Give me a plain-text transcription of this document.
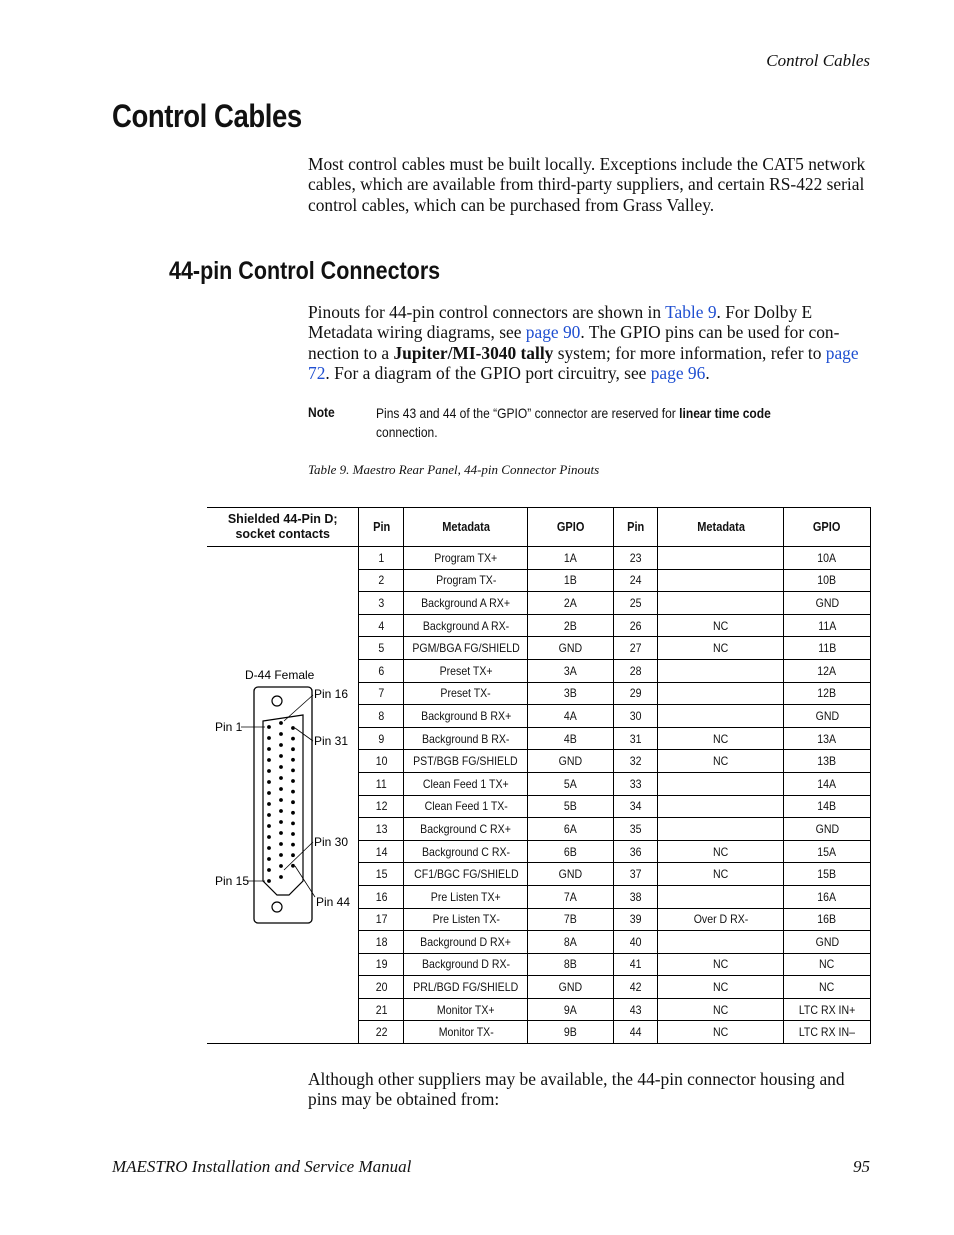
Control Cables
Control Cables
Most control cables must be built locally. Exceptions include the CAT5 network cables, which are available from third-party suppliers, and certain RS-422 serial control cables, which can be purchased from Grass Valley.
44-pin Control Connectors
Pinouts for 44-pin control connectors are shown in Table 9. For Dolby E Metadata wiring diagrams, see page 90. The GPIO pins can be used for con-nection to a Jupiter/MI-3040 tally system; for more information, refer to page 72. For a diagram of the GPIO port circuitry, see page 96.
Note	Pins 43 and 44 of the “GPIO” connector are reserved for linear time code connection.
Table 9. Maestro Rear Panel, 44-pin Connector Pinouts
Shielded 44-Pin D; socket contacts	Pin	Metadata	GPIO	Pin	Metadata	GPIO
	1	Program TX+	1A	23		10A
	2	Program TX-	1B	24		10B
	3	Background A RX+	2A	25		GND
	4	Background A RX-	2B	26	NC	11A
	5	PGM/BGA FG/SHIELD	GND	27	NC	11B
	6	Preset TX+	3A	28		12A
	7	Preset TX-	3B	29		12B
	8	Background B RX+	4A	30		GND
	9	Background B RX-	4B	31	NC	13A
	10	PST/BGB FG/SHIELD	GND	32	NC	13B
	11	Clean Feed 1 TX+	5A	33		14A
	12	Clean Feed 1 TX-	5B	34		14B
	13	Background C RX+	6A	35		GND
	14	Background C RX-	6B	36	NC	15A
	15	CF1/BGC FG/SHIELD	GND	37	NC	15B
	16	Pre Listen TX+	7A	38		16A
	17	Pre Listen TX-	7B	39	Over D RX-	16B
	18	Background D RX+	8A	40		GND
	19	Background D RX-	8B	41	NC	NC
	20	PRL/BGD FG/SHIELD	GND	42	NC	NC
	21	Monitor TX+	9A	43	NC	LTC RX IN+
	22	Monitor TX-	9B	44	NC	LTC RX IN–
D-44 Female
Pin 1
Pin 15
Pin 16
Pin 31
Pin 30
Pin 44
Although other suppliers may be available, the 44-pin connector housing and pins may be obtained from:
MAESTRO Installation and Service Manual	95
